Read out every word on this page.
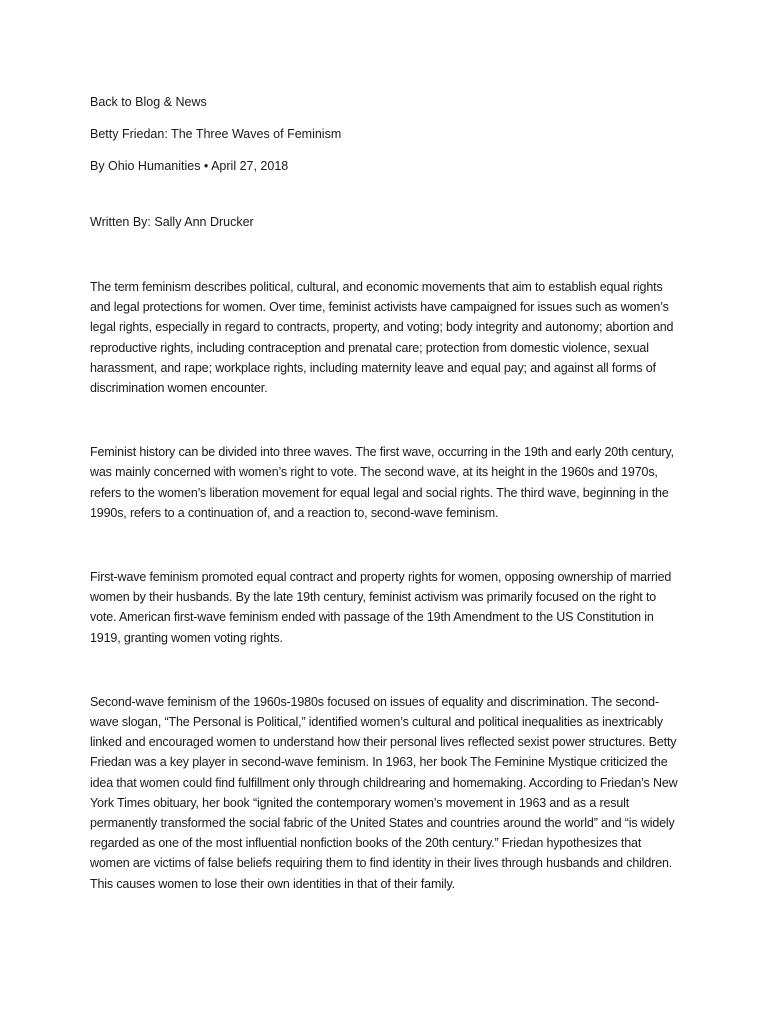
Back to Blog & News

Betty Friedan: The Three Waves of Feminism

By Ohio Humanities • April 27, 2018

Written By: Sally Ann Drucker

The term feminism describes political, cultural, and economic movements that aim to establish equal rights and legal protections for women. Over time, feminist activists have campaigned for issues such as women’s legal rights, especially in regard to contracts, property, and voting; body integrity and autonomy; abortion and reproductive rights, including contraception and prenatal care; protection from domestic violence, sexual harassment, and rape; workplace rights, including maternity leave and equal pay; and against all forms of discrimination women encounter.

Feminist history can be divided into three waves. The first wave, occurring in the 19th and early 20th century, was mainly concerned with women’s right to vote. The second wave, at its height in the 1960s and 1970s, refers to the women’s liberation movement for equal legal and social rights. The third wave, beginning in the 1990s, refers to a continuation of, and a reaction to, second-wave feminism.

First-wave feminism promoted equal contract and property rights for women, opposing ownership of married women by their husbands. By the late 19th century, feminist activism was primarily focused on the right to vote. American first-wave feminism ended with passage of the 19th Amendment to the US Constitution in 1919, granting women voting rights.

Second-wave feminism of the 1960s-1980s focused on issues of equality and discrimination. The second-wave slogan, “The Personal is Political,” identified women’s cultural and political inequalities as inextricably linked and encouraged women to understand how their personal lives reflected sexist power structures. Betty Friedan was a key player in second-wave feminism. In 1963, her book The Feminine Mystique criticized the idea that women could find fulfillment only through childrearing and homemaking. According to Friedan’s New York Times obituary, her book “ignited the contemporary women’s movement in 1963 and as a result permanently transformed the social fabric of the United States and countries around the world” and “is widely regarded as one of the most influential nonfiction books of the 20th century.” Friedan hypothesizes that women are victims of false beliefs requiring them to find identity in their lives through husbands and children. This causes women to lose their own identities in that of their family.
